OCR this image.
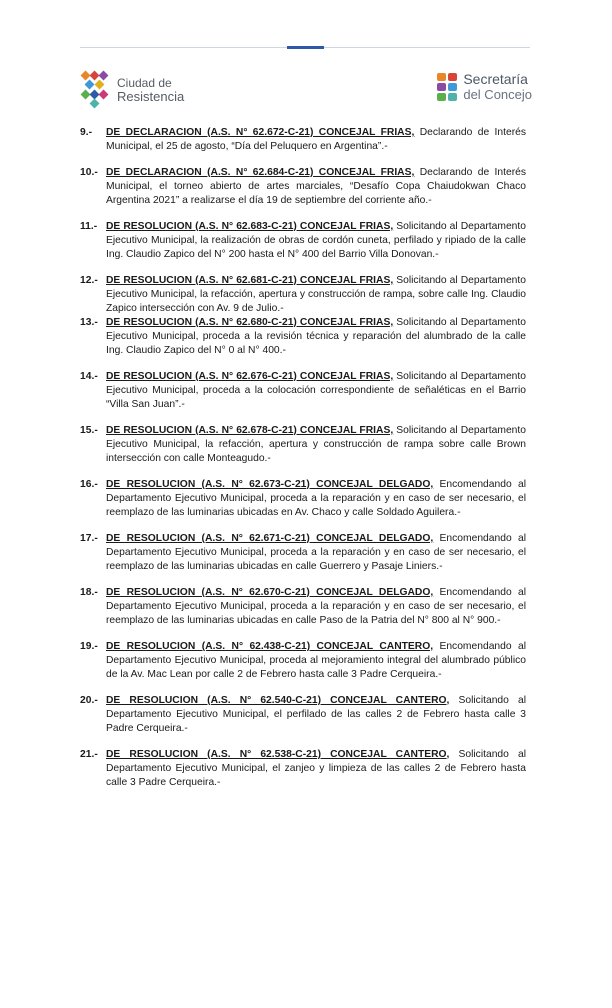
Ciudad de
Resistencia
Secretaría
del Concejo
9.-	DE DECLARACION (A.S. N° 62.672-C-21) CONCEJAL FRIAS, Declarando de Interés Municipal, el 25 de agosto, “Día del Peluquero en Argentina”.-
10.- DE DECLARACION (A.S. N° 62.684-C-21) CONCEJAL FRIAS, Declarando de Interés Municipal, el torneo abierto de artes marciales, “Desafío Copa Chaiudokwan Chaco Argentina 2021” a realizarse el día 19 de septiembre del corriente año.-
11.- DE RESOLUCION (A.S. N° 62.683-C-21) CONCEJAL FRIAS, Solicitando al Departamento Ejecutivo Municipal, la realización de obras de cordón cuneta, perfilado y ripiado de la calle Ing. Claudio Zapico del N° 200 hasta el N° 400 del Barrio Villa Donovan.-
12.- DE RESOLUCION (A.S. N° 62.681-C-21) CONCEJAL FRIAS, Solicitando al Departamento Ejecutivo Municipal, la refacción, apertura y construcción de rampa, sobre calle Ing. Claudio Zapico intersección con Av. 9 de Julio.-
13.- DE RESOLUCION (A.S. N° 62.680-C-21) CONCEJAL FRIAS, Solicitando al Departamento Ejecutivo Municipal, proceda a la revisión técnica y reparación del alumbrado de la calle Ing. Claudio Zapico del N° 0 al N° 400.-
14.- DE RESOLUCION (A.S. N° 62.676-C-21) CONCEJAL FRIAS, Solicitando al Departamento Ejecutivo Municipal, proceda a la colocación correspondiente de señaléticas en el Barrio “Villa San Juan”.-
15.- DE RESOLUCION (A.S. N° 62.678-C-21) CONCEJAL FRIAS, Solicitando al Departamento Ejecutivo Municipal, la refacción, apertura y construcción de rampa sobre calle Brown intersección con calle Monteagudo.-
16.- DE RESOLUCION (A.S. N° 62.673-C-21) CONCEJAL DELGADO, Encomendando al Departamento Ejecutivo Municipal, proceda a la reparación y en caso de ser necesario, el reemplazo de las luminarias ubicadas en Av. Chaco y calle Soldado Aguilera.-
17.- DE RESOLUCION (A.S. N° 62.671-C-21) CONCEJAL DELGADO, Encomendando al Departamento Ejecutivo Municipal, proceda a la reparación y en caso de ser necesario, el reemplazo de las luminarias ubicadas en calle Guerrero y Pasaje Liniers.-
18.- DE RESOLUCION (A.S. N° 62.670-C-21) CONCEJAL DELGADO, Encomendando al Departamento Ejecutivo Municipal, proceda a la reparación y en caso de ser necesario, el reemplazo de las luminarias ubicadas en calle Paso de la Patria del N° 800 al N° 900.-
19.- DE RESOLUCION (A.S. N° 62.438-C-21) CONCEJAL CANTERO, Encomendando al Departamento Ejecutivo Municipal, proceda al mejoramiento integral del alumbrado público de la Av. Mac Lean por calle 2 de Febrero hasta calle 3 Padre Cerqueira.-
20.- DE RESOLUCION (A.S. N° 62.540-C-21) CONCEJAL CANTERO, Solicitando al Departamento Ejecutivo Municipal, el perfilado de las calles 2 de Febrero hasta calle 3 Padre Cerqueira.-
21.- DE RESOLUCION (A.S. N° 62.538-C-21) CONCEJAL CANTERO, Solicitando al Departamento Ejecutivo Municipal, el zanjeo y limpieza de las calles 2 de Febrero hasta calle 3 Padre Cerqueira.-
